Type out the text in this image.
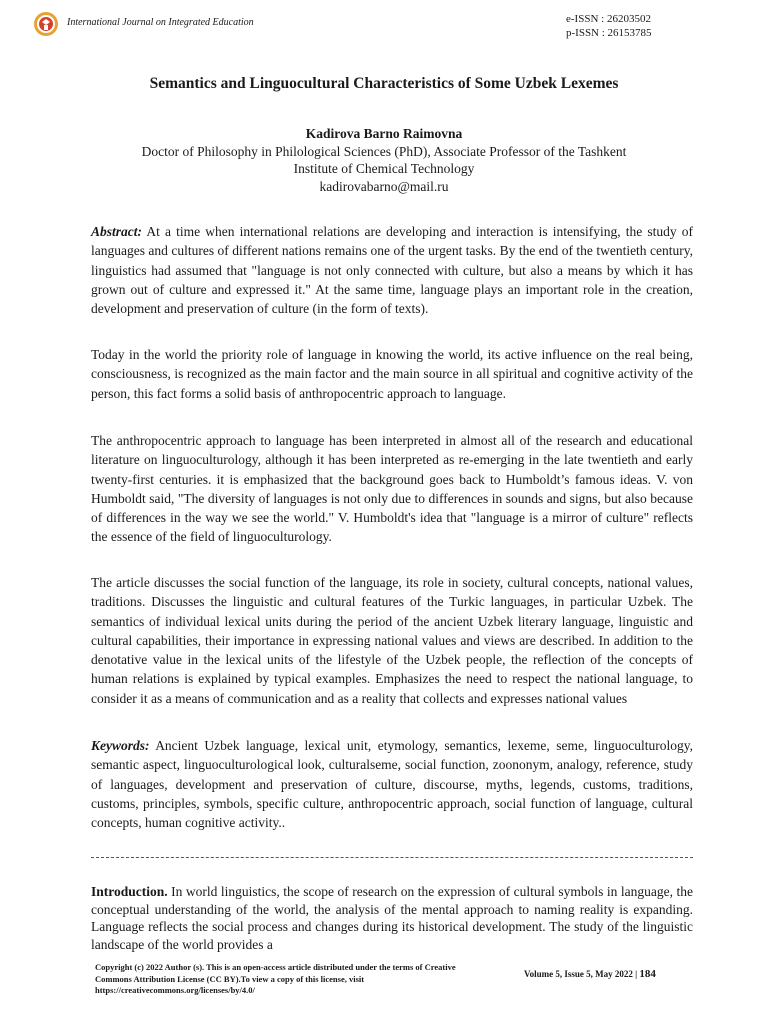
International Journal on Integrated Education	e-ISSN : 26203502
p-ISSN : 26153785
Semantics and Linguocultural Characteristics of Some Uzbek Lexemes
Kadirova Barno Raimovna
Doctor of Philosophy in Philological Sciences (PhD), Associate Professor of the Tashkent
Institute of Chemical Technology
kadirovabarno@mail.ru

Abstract: At a time when international relations are developing and interaction is intensifying, the study of languages and cultures of different nations remains one of the urgent tasks. By the end of the twentieth century, linguistics had assumed that "language is not only connected with culture, but also a means by which it has grown out of culture and expressed it." At the same time, language plays an important role in the creation, development and preservation of culture (in the form of texts).

Today in the world the priority role of language in knowing the world, its active influence on the real being, consciousness, is recognized as the main factor and the main source in all spiritual and cognitive activity of the person, this fact forms a solid basis of anthropocentric approach to language.

The anthropocentric approach to language has been interpreted in almost all of the research and educational literature on linguoculturology, although it has been interpreted as re-emerging in the late twentieth and early twenty-first centuries. it is emphasized that the background goes back to Humboldt’s famous ideas. V. von Humboldt said, "The diversity of languages is not only due to differences in sounds and signs, but also because of differences in the way we see the world." V. Humboldt's idea that "language is a mirror of culture" reflects the essence of the field of linguoculturology.

The article discusses the social function of the language, its role in society, cultural concepts, national values, traditions. Discusses the linguistic and cultural features of the Turkic languages, in particular Uzbek. The semantics of individual lexical units during the period of the ancient Uzbek literary language, linguistic and cultural capabilities, their importance in expressing national values and views are described. In addition to the denotative value in the lexical units of the lifestyle of the Uzbek people, the reflection of the concepts of human relations is explained by typical examples. Emphasizes the need to respect the national language, to consider it as a means of communication and as a reality that collects and expresses national values

Keywords: Ancient Uzbek language, lexical unit, etymology, semantics, lexeme, seme, linguoculturology, semantic aspect, linguoculturological look, culturalseme, social function, zoononym, analogy, reference, study of languages, development and preservation of culture, discourse, myths, legends, customs, traditions, customs, principles, symbols, specific culture, anthropocentric approach, social function of language, cultural concepts, human cognitive activity..

Introduction. In world linguistics, the scope of research on the expression of cultural symbols in language, the conceptual understanding of the world, the analysis of the mental approach to naming reality is expanding. Language reflects the social process and changes during its historical development. The study of the linguistic landscape of the world provides a

Copyright (c) 2022 Author (s). This is an open-access article distributed under the terms of Creative Commons Attribution License (CC BY).To view a copy of this license, visit https://creativecommons.org/licenses/by/4.0/
Volume 5, Issue 5, May 2022 | 184
